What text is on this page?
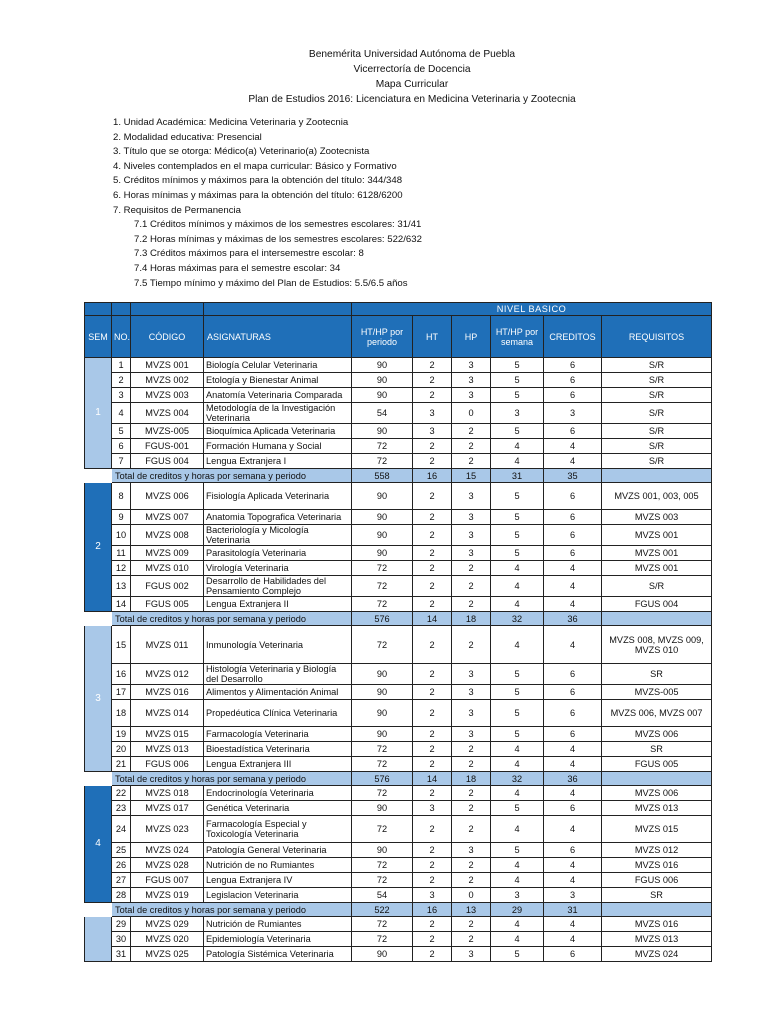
Benemérita Universidad Autónoma de Puebla
Vicerrectoría de Docencia
Mapa Curricular
Plan de Estudios 2016: Licenciatura en Medicina Veterinaria y Zootecnia
1. Unidad Académica: Medicina Veterinaria y Zootecnia
2. Modalidad educativa: Presencial
3. Título que se otorga: Médico(a) Veterinario(a) Zootecnista
4. Niveles contemplados en el mapa curricular: Básico y Formativo
5. Créditos mínimos y máximos para la obtención del título: 344/348
6. Horas mínimas y máximas para la obtención del título: 6128/6200
7. Requisitos de Permanencia
7.1 Créditos mínimos y máximos de los semestres escolares: 31/41
7.2 Horas mínimas y máximas de los semestres escolares: 522/632
7.3 Créditos máximos para el intersemestre escolar: 8
7.4 Horas máximas para el semestre escolar: 34
7.5 Tiempo mínimo y máximo del Plan de Estudios: 5.5/6.5 años
				NIVEL BASICO					
SEM	NO.	CÓDIGO	ASIGNATURAS	HT/HP por periodo	HT	HP	HT/HP por semana	CREDITOS	REQUISITOS
1	1	MVZS 001	Biología Celular Veterinaria	90	2	3	5	6	S/R
	2	MVZS 002	Etología y Bienestar Animal	90	2	3	5	6	S/R
	3	MVZS 003	Anatomía Veterinaria Comparada	90	2	3	5	6	S/R
	4	MVZS 004	Metodología de la Investigación Veterinaria	54	3	0	3	3	S/R
	5	MVZS-005	Bioquímica Aplicada Veterinaria	90	3	2	5	6	S/R
	6	FGUS-001	Formación Humana y Social	72	2	2	4	4	S/R
	7	FGUS 004	Lengua Extranjera I	72	2	2	4	4	S/R
	Total de creditos y horas por semana y periodo			558	16	15	31	35	
2	8	MVZS 006	Fisiología Aplicada Veterinaria	90	2	3	5	6	MVZS 001, 003, 005
	9	MVZS 007	Anatomia Topografica Veterinaria	90	2	3	5	6	MVZS 003
	10	MVZS 008	Bacteriología y Micología Veterinaria	90	2	3	5	6	MVZS 001
	11	MVZS 009	Parasitología Veterinaria	90	2	3	5	6	MVZS 001
	12	MVZS 010	Virología Veterinaria	72	2	2	4	4	MVZS 001
	13	FGUS 002	Desarrollo de Habilidades del Pensamiento Complejo	72	2	2	4	4	S/R
	14	FGUS 005	Lengua Extranjera II	72	2	2	4	4	FGUS 004
	Total de creditos y horas por semana y periodo			576	14	18	32	36	
3	15	MVZS 011	Inmunología Veterinaria	72	2	2	4	4	MVZS 008, MVZS 009, MVZS 010
	16	MVZS 012	Histología Veterinaria y Biología del Desarrollo	90	2	3	5	6	SR
	17	MVZS 016	Alimentos y Alimentación Animal	90	2	3	5	6	MVZS-005
	18	MVZS 014	Propedéutica Clínica Veterinaria	90	2	3	5	6	MVZS 006, MVZS 007
	19	MVZS 015	Farmacología Veterinaria	90	2	3	5	6	MVZS 006
	20	MVZS 013	Bioestadística Veterinaria	72	2	2	4	4	SR
	21	FGUS 006	Lengua Extranjera III	72	2	2	4	4	FGUS 005
	Total de creditos y horas por semana y periodo			576	14	18	32	36	
4	22	MVZS 018	Endocrinología Veterinaria	72	2	2	4	4	MVZS 006
	23	MVZS 017	Genética Veterinaria	90	3	2	5	6	MVZS 013
	24	MVZS 023	Farmacología Especial y Toxicología Veterinaria	72	2	2	4	4	MVZS 015
	25	MVZS 024	Patología General Veterinaria	90	2	3	5	6	MVZS 012
	26	MVZS 028	Nutrición de no Rumiantes	72	2	2	4	4	MVZS 016
	27	FGUS 007	Lengua Extranjera IV	72	2	2	4	4	FGUS 006
	28	MVZS 019	Legislacion Veterinaria	54	3	0	3	3	SR
	Total de creditos y horas por semana y periodo			522	16	13	29	31	
	29	MVZS 029	Nutrición de Rumiantes	72	2	2	4	4	MVZS 016
	30	MVZS 020	Epidemiología Veterinaria	72	2	2	4	4	MVZS 013
	31	MVZS 025	Patología Sistémica Veterinaria	90	2	3	5	6	MVZS 024
